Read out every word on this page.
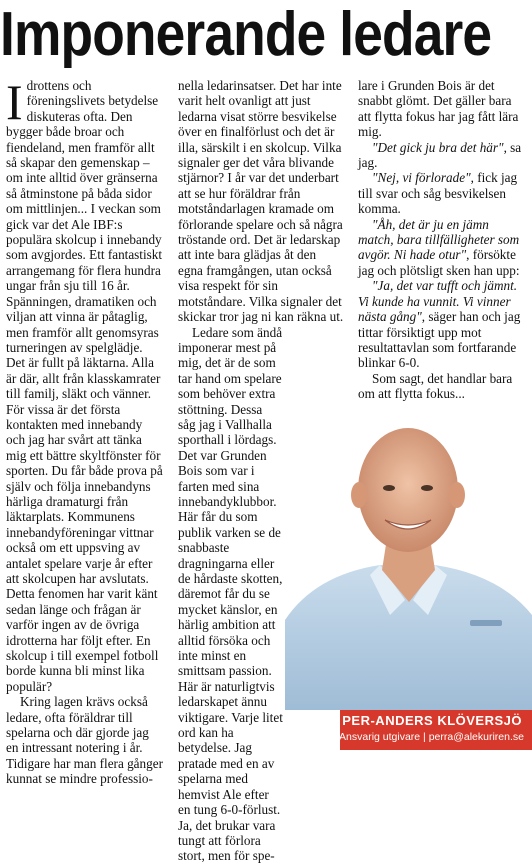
Imponerande ledare

Idrottens och föreningslivets betydelse diskuteras ofta. Den bygger både broar och fiendeland, men framför allt så skapar den gemenskap – om inte alltid över gränserna så åtminstone på båda sidor om mittlinjen... I veckan som gick var det Ale IBF:s populära skolcup i innebandy som avgjordes. Ett fantastiskt arrangemang för flera hundra ungar från sju till 16 år. Spänningen, dramatiken och viljan att vinna är påtaglig, men framför allt genomsyras turneringen av spelglädje. Det är fullt på läktarna. Alla är där, allt från klasskamrater till familj, släkt och vänner. För vissa är det första kontakten med innebandy och jag har svårt att tänka mig ett bättre skyltfönster för sporten. Du får både prova på själv och följa innebandyns härliga dramaturgi från läktarplats. Kommunens innebandyföreningar vittnar också om ett uppsving av antalet spelare varje år efter att skolcupen har avslutats. Detta fenomen har varit känt sedan länge och frågan är varför ingen av de övriga idrotterna har följt efter. En skolcup i till exempel fotboll borde kunna bli minst lika populär?

Kring lagen krävs också ledare, ofta föräldrar till spelarna och där gjorde jag en intressant notering i år. Tidigare har man flera gånger kunnat se mindre professio-

nella ledarinsatser. Det har inte varit helt ovanligt att just ledarna visat större besvikelse över en finalförlust och det är illa, särskilt i en skolcup. Vilka signaler ger det våra blivande stjärnor? I år var det underbart att se hur föräldrar från motståndarlagen kramade om förlorande spelare och så några tröstande ord. Det är ledarskap att inte bara glädjas åt den egna framgången, utan också visa respekt för sin motståndare. Vilka signaler det skickar tror jag ni kan räkna ut.

Ledare som ändå imponerar mest på mig, det är de som tar hand om spelare som behöver extra stöttning. Dessa såg jag i Vallhalla sporthall i lördags. Det var Grunden Bois som var i farten med sina innebandyklubbor. Här får du som publik varken se de snabbaste dragningarna eller de hårdaste skotten, däremot får du se mycket känslor, en härlig ambition att alltid försöka och inte minst en smittsam passion. Här är naturligtvis ledarskapet ännu viktigare. Varje litet ord kan ha betydelse. Jag pratade med en av spelarna med hemvist Ale efter en tung 6-0-förlust. Ja, det brukar vara tungt att förlora stort, men för spe-

lare i Grunden Bois är det snabbt glömt. Det gäller bara att flytta fokus har jag fått lära mig.

"Det gick ju bra det här", sa jag.

"Nej, vi förlorade", fick jag till svar och såg besvikelsen komma.

"Åh, det är ju en jämn match, bara tillfälligheter som avgör. Ni hade otur", försökte jag och plötsligt sken han upp:

"Ja, det var tufft och jämnt. Vi kunde ha vunnit. Vi vinner nästa gång", säger han och jag tittar försiktigt upp mot resultattavlan som fortfarande blinkar 6-0.

Som sagt, det handlar bara om att flytta fokus...

PER-ANDERS KLÖVERSJÖ
Ansvarig utgivare | perra@alekuriren.se
